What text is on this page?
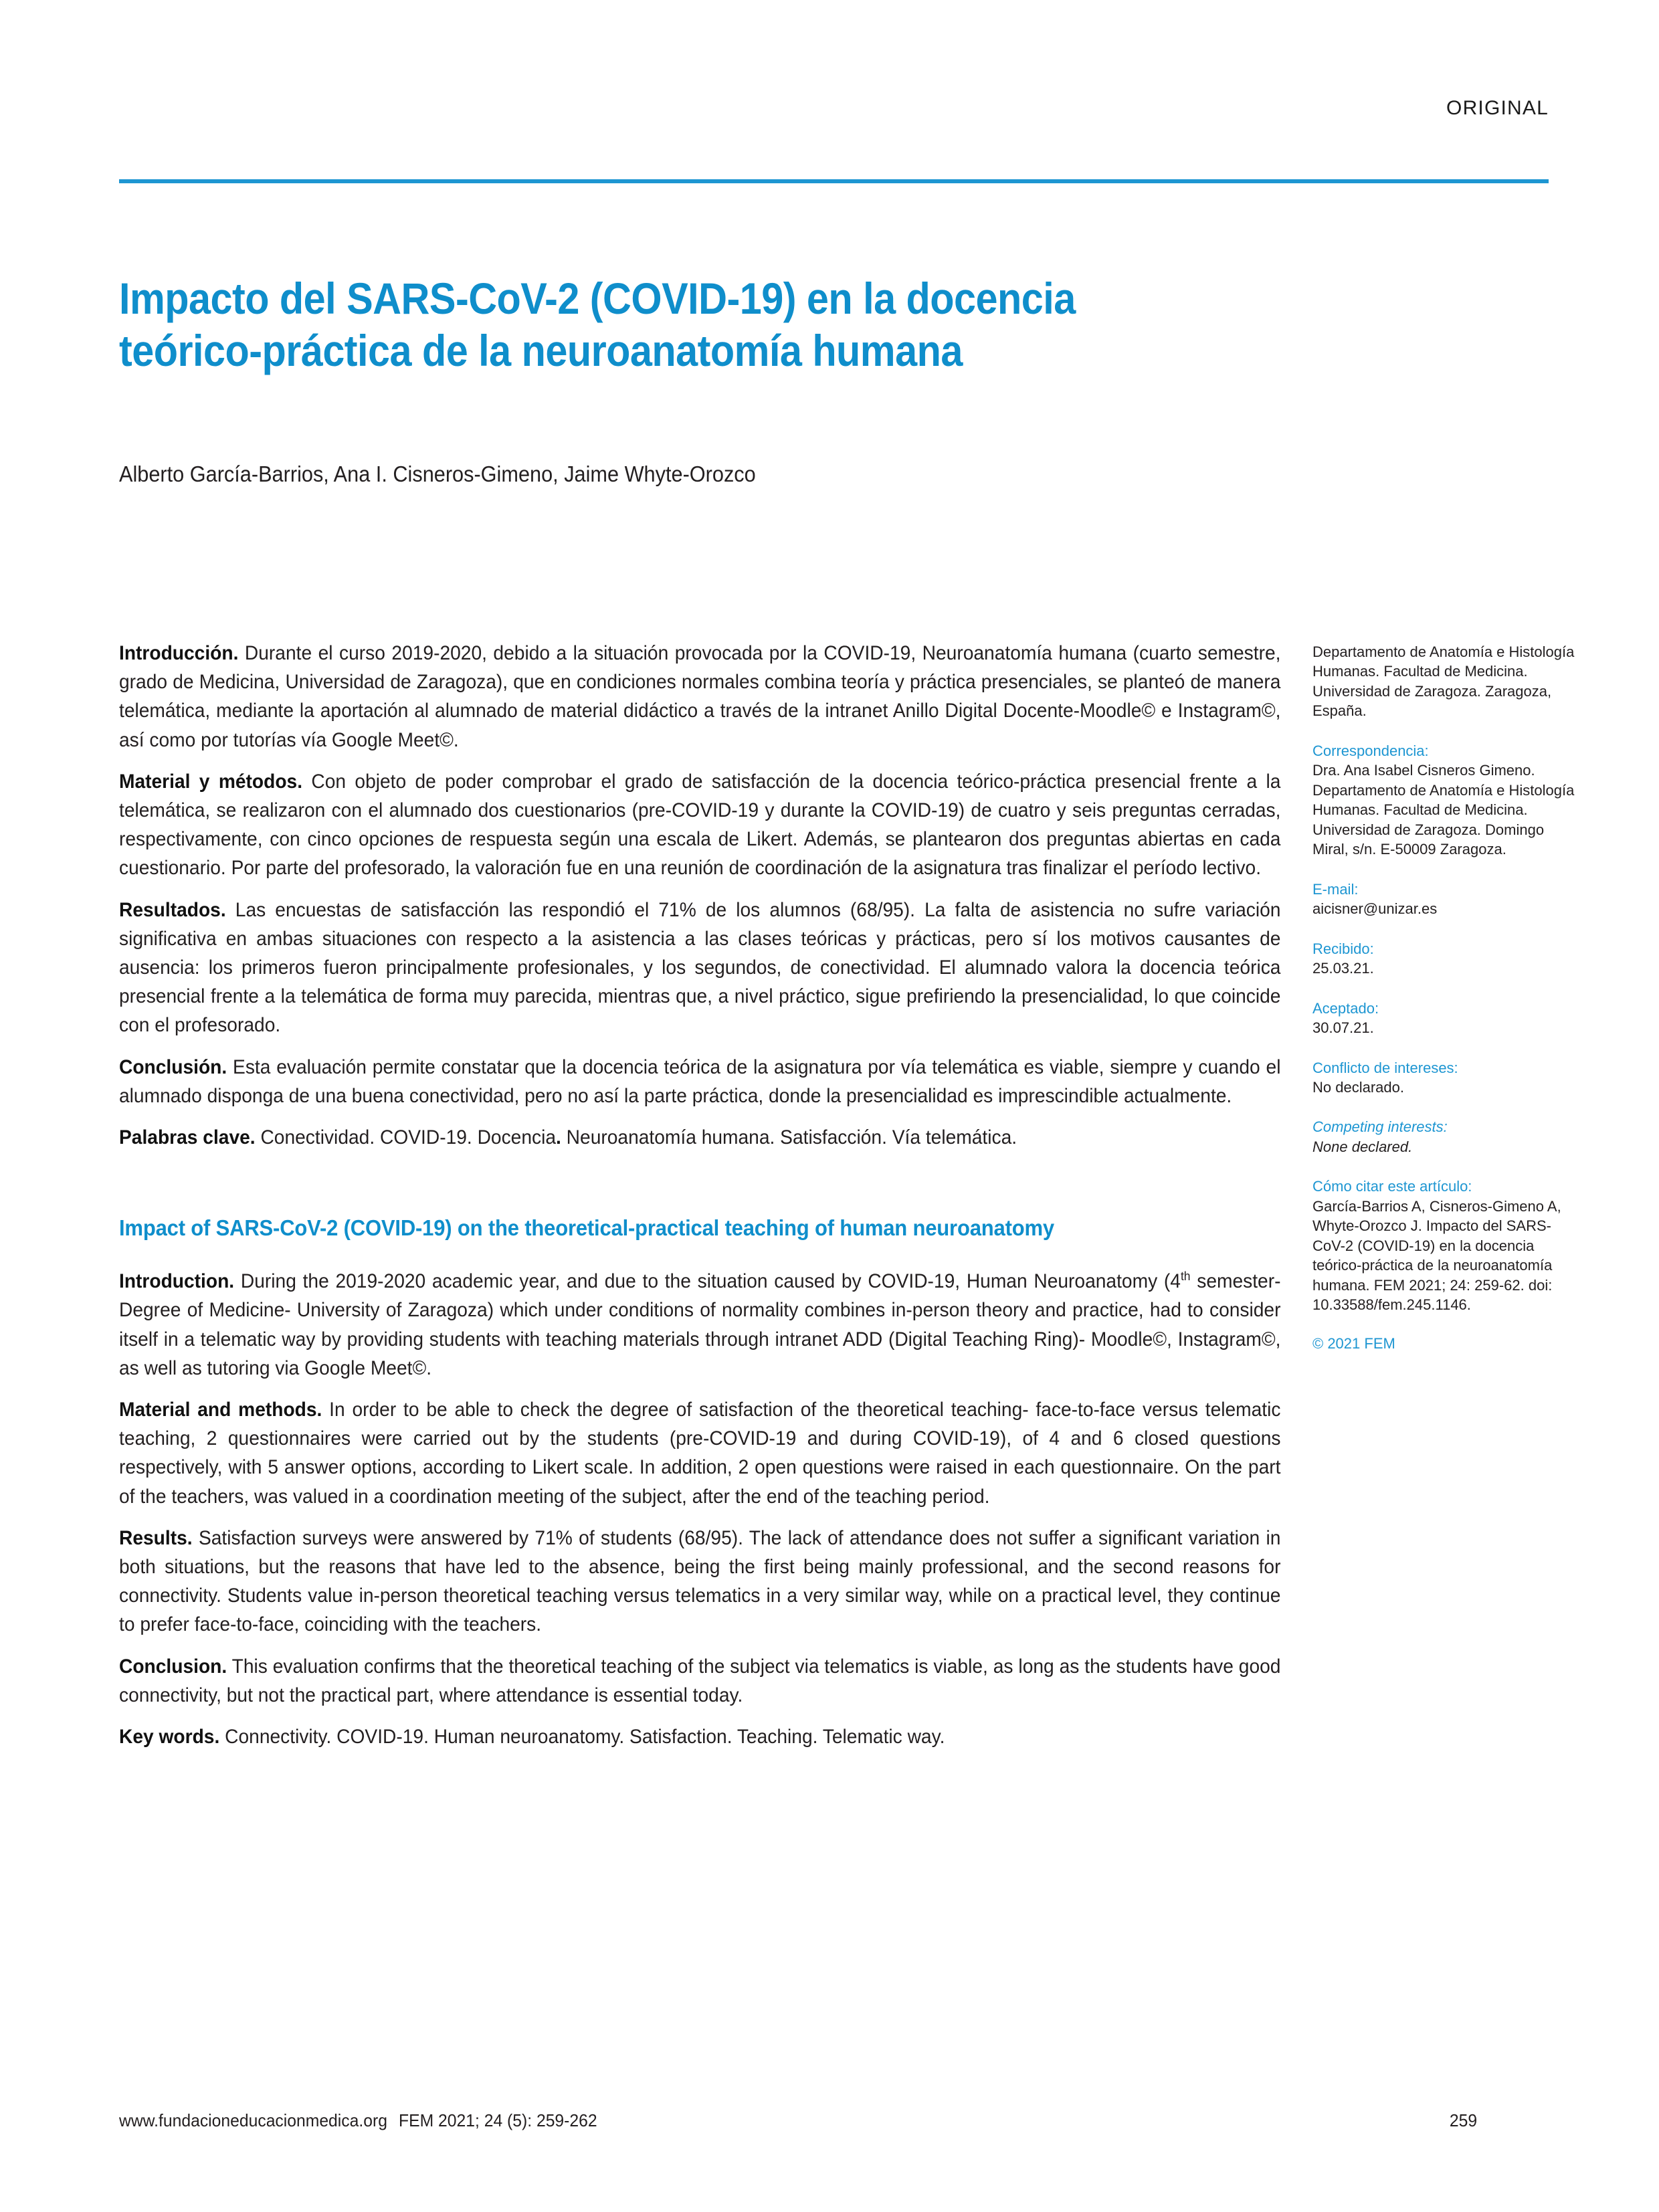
ORIGINAL
Impacto del SARS-CoV-2 (COVID-19) en la docencia
teórico-práctica de la neuroanatomía humana
Alberto García-Barrios, Ana I. Cisneros-Gimeno, Jaime Whyte-Orozco

Introducción. Durante el curso 2019-2020, debido a la situación provocada por la COVID-19, Neuroanatomía humana (cuarto semestre, grado de Medicina, Universidad de Zaragoza), que en condiciones normales combina teoría y práctica presenciales, se planteó de manera telemática, mediante la aportación al alumnado de material didáctico a través de la intranet Anillo Digital Docente-Moodle© e Instagram©, así como por tutorías vía Google Meet©.

Material y métodos. Con objeto de poder comprobar el grado de satisfacción de la docencia teórico-práctica presencial frente a la telemática, se realizaron con el alumnado dos cuestionarios (pre-COVID-19 y durante la COVID-19) de cuatro y seis preguntas cerradas, respectivamente, con cinco opciones de respuesta según una escala de Likert. Además, se plantearon dos preguntas abiertas en cada cuestionario. Por parte del profesorado, la valoración fue en una reunión de coordinación de la asignatura tras finalizar el período lectivo.

Resultados. Las encuestas de satisfacción las respondió el 71% de los alumnos (68/95). La falta de asistencia no sufre variación significativa en ambas situaciones con respecto a la asistencia a las clases teóricas y prácticas, pero sí los motivos causantes de ausencia: los primeros fueron principalmente profesionales, y los segundos, de conectividad. El alumnado valora la docencia teórica presencial frente a la telemática de forma muy parecida, mientras que, a nivel práctico, sigue prefiriendo la presencialidad, lo que coincide con el profesorado.

Conclusión. Esta evaluación permite constatar que la docencia teórica de la asignatura por vía telemática es viable, siempre y cuando el alumnado disponga de una buena conectividad, pero no así la parte práctica, donde la presencialidad es imprescindible actualmente.

Palabras clave. Conectividad. COVID-19. Docencia. Neuroanatomía humana. Satisfacción. Vía telemática.

Impact of SARS-CoV-2 (COVID-19) on the theoretical-practical teaching of human neuroanatomy

Introduction. During the 2019-2020 academic year, and due to the situation caused by COVID-19, Human Neuroanatomy (4th semester- Degree of Medicine- University of Zaragoza) which under conditions of normality combines in-person theory and practice, had to consider itself in a telematic way by providing students with teaching materials through intranet ADD (Digital Teaching Ring)- Moodle©, Instagram©, as well as tutoring via Google Meet©.

Material and methods. In order to be able to check the degree of satisfaction of the theoretical teaching- face-to-face versus telematic teaching, 2 questionnaires were carried out by the students (pre-COVID-19 and during COVID-19), of 4 and 6 closed questions respectively, with 5 answer options, according to Likert scale. In addition, 2 open questions were raised in each questionnaire. On the part of the teachers, was valued in a coordination meeting of the subject, after the end of the teaching period.

Results. Satisfaction surveys were answered by 71% of students (68/95). The lack of attendance does not suffer a significant variation in both situations, but the reasons that have led to the absence, being the first being mainly professional, and the second reasons for connectivity. Students value in-person theoretical teaching versus telematics in a very similar way, while on a practical level, they continue to prefer face-to-face, coinciding with the teachers.

Conclusion. This evaluation confirms that the theoretical teaching of the subject via telematics is viable, as long as the students have good connectivity, but not the practical part, where attendance is essential today.

Key words. Connectivity. COVID-19. Human neuroanatomy. Satisfaction. Teaching. Telematic way.

Departamento de Anatomía e Histología Humanas. Facultad de Medicina. Universidad de Zaragoza. Zaragoza, España.

Correspondencia:

Dra. Ana Isabel Cisneros Gimeno. Departamento de Anatomía e Histología Humanas. Facultad de Medicina. Universidad de Zaragoza. Domingo Miral, s/n. E-50009 Zaragoza.

E-mail:

aicisner@unizar.es

Recibido:

25.03.21.

Aceptado:

30.07.21.

Conflicto de intereses:

No declarado.

Competing interests:

None declared.

Cómo citar este artículo:

García-Barrios A, Cisneros-Gimeno A, Whyte-Orozco J. Impacto del SARS-CoV-2 (COVID-19) en la docencia teórico-práctica de la neuroanatomía humana. FEM 2021; 24: 259-62. doi: 10.33588/fem.245.1146.

© 2021 FEM

www.fundacioneducacionmedica.org FEM 2021; 24 (5): 259-262	259
